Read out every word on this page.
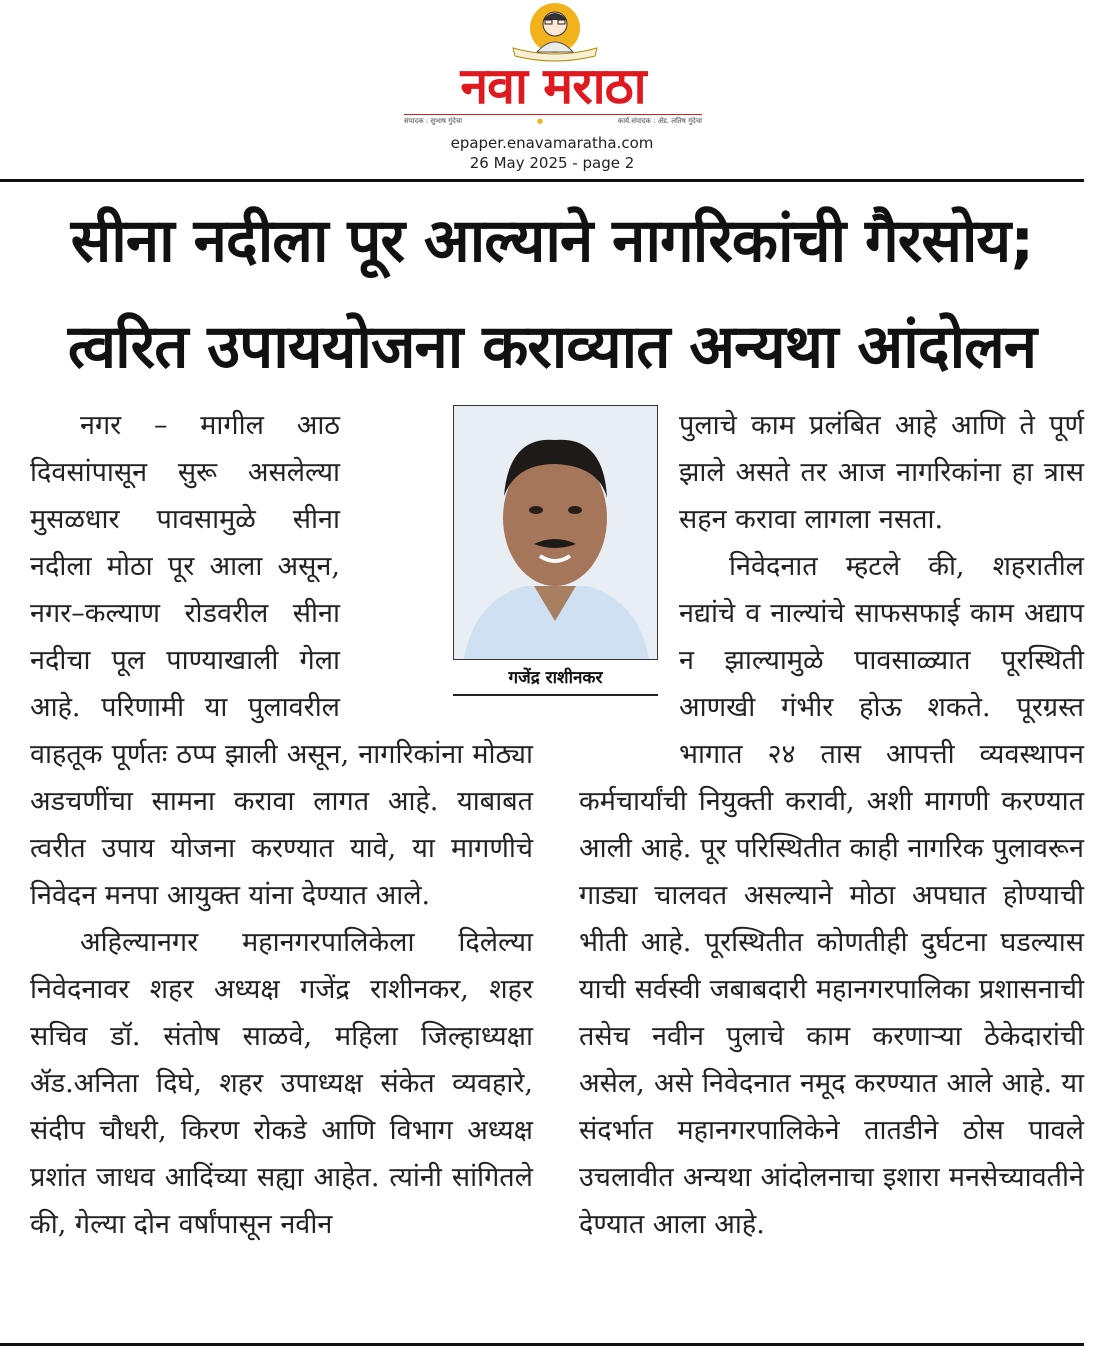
नवा मराठा
संपादक : सुभाष गुंदेचा	●	कार्य.संपादक : ॲड. लतिष गुंदेचा
epaper.enavamaratha.com
26 May 2025 - page 2
सीना नदीला पूर आल्याने नागरिकांची गैरसोय;
त्वरित उपाययोजना कराव्यात अन्यथा आंदोलन

नगर – मागील आठ दिवसांपासून सुरू असलेल्या मुसळधार पावसामुळे सीना नदीला मोठा पूर आला असून, नगर–कल्याण रोडवरील सीना नदीचा पूल पाण्याखाली गेला आहे. परिणामी या पुलावरील वाहतूक पूर्णतः ठप्प झाली असून, नागरिकांना मोठ्या अडचणींचा सामना करावा लागत आहे. याबाबत त्वरीत उपाय योजना करण्यात यावे, या मागणीचे निवेदन मनपा आयुक्त यांना देण्यात आले.

अहिल्यानगर महानगरपालिकेला दिलेल्या निवेदनावर शहर अध्यक्ष गजेंद्र राशीनकर, शहर सचिव डॉ. संतोष साळवे, महिला जिल्हाध्यक्षा ॲड.अनिता दिघे, शहर उपाध्यक्ष संकेत व्यवहारे, संदीप चौधरी, किरण रोकडे आणि विभाग अध्यक्ष प्रशांत जाधव आदिंच्या सह्या आहेत. त्यांनी सांगितले की, गेल्या दोन वर्षांपासून नवीन

गजेंद्र राशीनकर

पुलाचे काम प्रलंबित आहे आणि ते पूर्ण झाले असते तर आज नागरिकांना हा त्रास सहन करावा लागला नसता.

निवेदनात म्हटले की, शहरातील नद्यांचे व नाल्यांचे साफसफाई काम अद्याप न झाल्यामुळे पावसाळ्यात पूरस्थिती आणखी गंभीर होऊ शकते. पूरग्रस्त भागात २४ तास आपत्ती व्यवस्थापन कर्मचार्यांची नियुक्ती करावी, अशी मागणी करण्यात आली आहे. पूर परिस्थितीत काही नागरिक पुलावरून गाड्या चालवत असल्याने मोठा अपघात होण्याची भीती आहे. पूरस्थितीत कोणतीही दुर्घटना घडल्यास याची सर्वस्वी जबाबदारी महानगरपालिका प्रशासनाची तसेच नवीन पुलाचे काम करणाऱ्या ठेकेदारांची असेल, असे निवेदनात नमूद करण्यात आले आहे. या संदर्भात महानगरपालिकेने तातडीने ठोस पावले उचलावीत अन्यथा आंदोलनाचा इशारा मनसेच्यावतीने देण्यात आला आहे.
